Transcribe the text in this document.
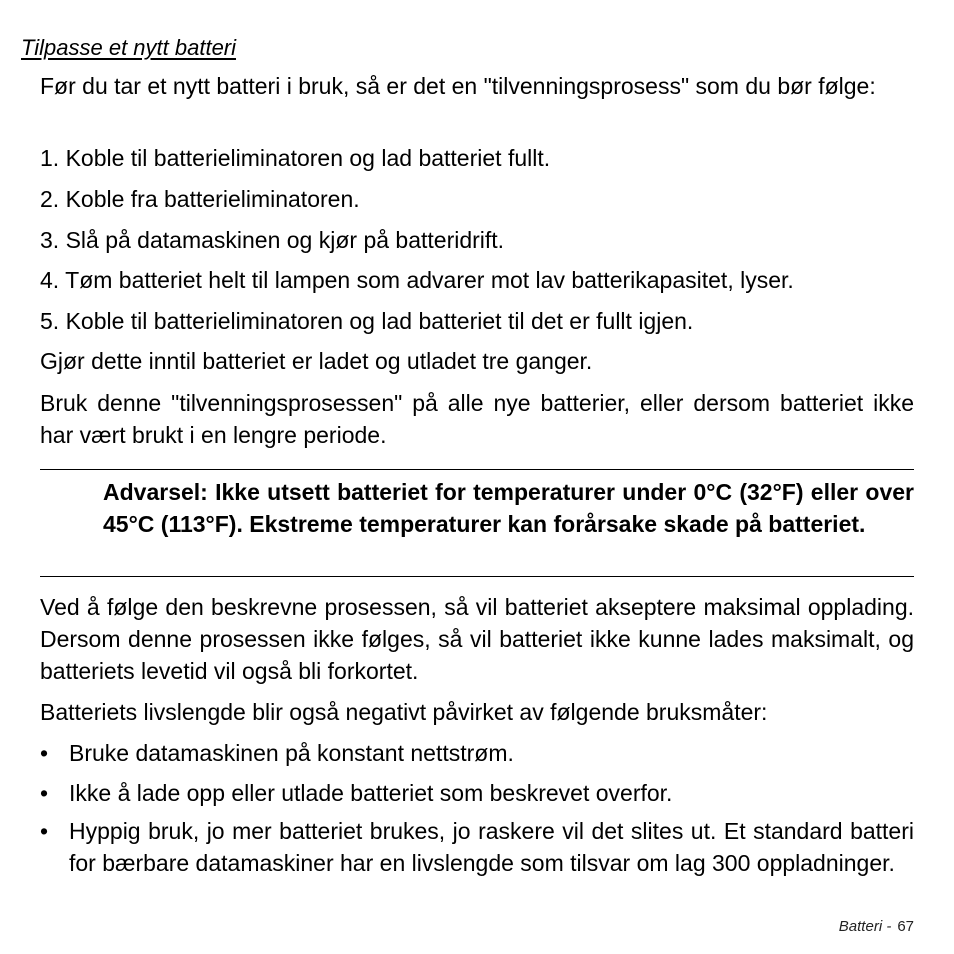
Tilpasse et nytt batteri
Før du tar et nytt batteri i bruk, så er det en "tilvenningsprosess" som du bør følge:
1. Koble til batterieliminatoren og lad batteriet fullt.
2. Koble fra batterieliminatoren.
3. Slå på datamaskinen og kjør på batteridrift.
4. Tøm batteriet helt til lampen som advarer mot lav batterikapasitet, lyser.
5. Koble til batterieliminatoren og lad batteriet til det er fullt igjen.
Gjør dette inntil batteriet er ladet og utladet tre ganger.
Bruk denne "tilvenningsprosessen" på alle nye batterier, eller dersom batteriet ikke har vært brukt i en lengre periode.
Advarsel: Ikke utsett batteriet for temperaturer under 0°C (32°F) eller over 45°C (113°F). Ekstreme temperaturer kan forårsake skade på batteriet.
Ved å følge den beskrevne prosessen, så vil batteriet akseptere maksimal opplading. Dersom denne prosessen ikke følges, så vil batteriet ikke kunne lades maksimalt, og batteriets levetid vil også bli forkortet.
Batteriets livslengde blir også negativt påvirket av følgende bruksmåter:
• Bruke datamaskinen på konstant nettstrøm.
• Ikke å lade opp eller utlade batteriet som beskrevet overfor.
• Hyppig bruk, jo mer batteriet brukes, jo raskere vil det slites ut. Et standard batteri for bærbare datamaskiner har en livslengde som tilsvar om lag 300 oppladninger.
Batteri - 67
